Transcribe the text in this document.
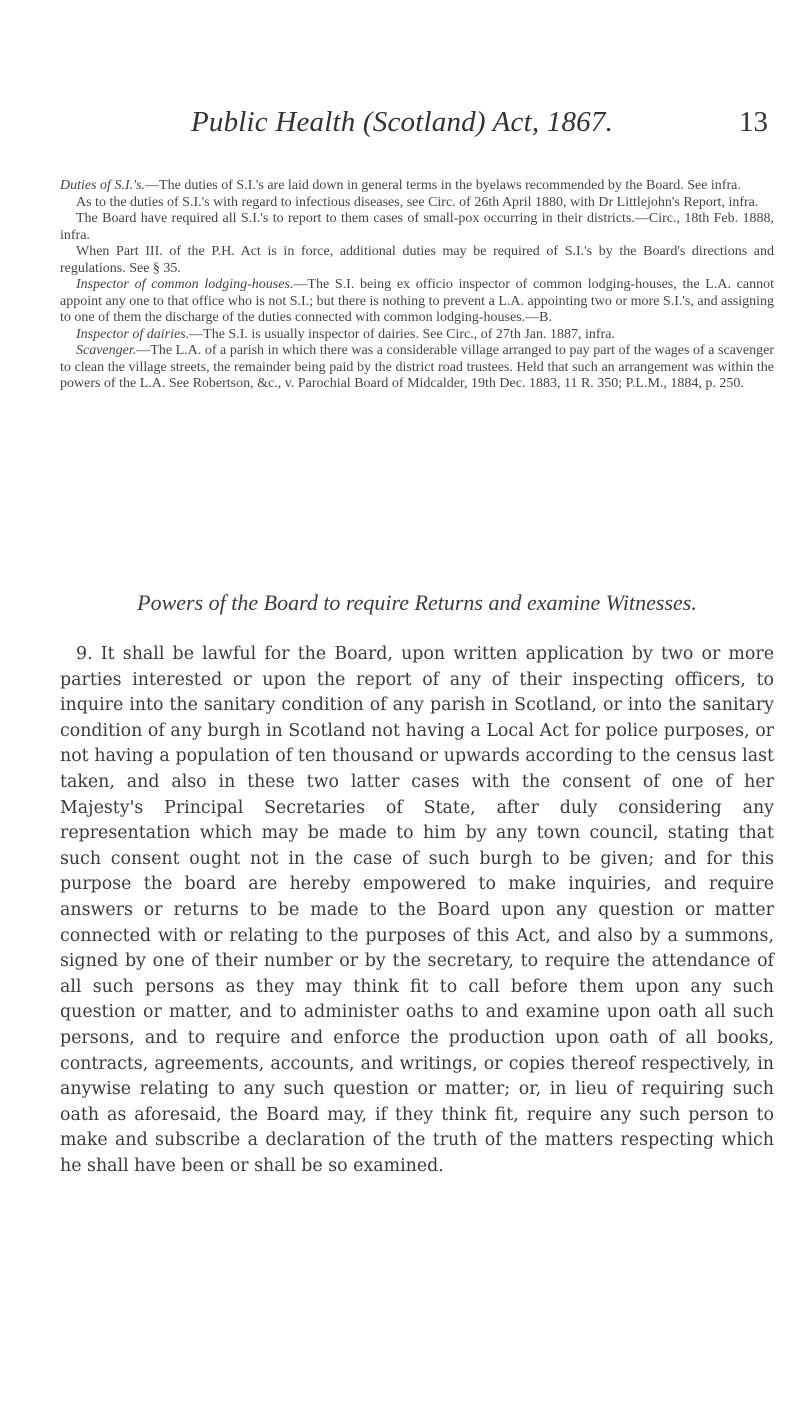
Public Health (Scotland) Act, 1867.	13

Duties of S.I.'s.—The duties of S.I.'s are laid down in general terms in the byelaws recommended by the Board. See infra.

As to the duties of S.I.'s with regard to infectious diseases, see Circ. of 26th April 1880, with Dr Littlejohn's Report, infra.

The Board have required all S.I.'s to report to them cases of small-pox occurring in their districts.—Circ., 18th Feb. 1888, infra.

When Part III. of the P.H. Act is in force, additional duties may be required of S.I.'s by the Board's directions and regulations. See § 35.

Inspector of common lodging-houses.—The S.I. being ex officio inspector of common lodging-houses, the L.A. cannot appoint any one to that office who is not S.I.; but there is nothing to prevent a L.A. appointing two or more S.I.'s, and assigning to one of them the discharge of the duties connected with common lodging-houses.—B.

Inspector of dairies.—The S.I. is usually inspector of dairies. See Circ., of 27th Jan. 1887, infra.

Scavenger.—The L.A. of a parish in which there was a considerable village arranged to pay part of the wages of a scavenger to clean the village streets, the remainder being paid by the district road trustees. Held that such an arrangement was within the powers of the L.A. See Robertson, &c., v. Parochial Board of Midcalder, 19th Dec. 1883, 11 R. 350; P.L.M., 1884, p. 250.

Powers of the Board to require Returns and examine Witnesses.
9. It shall be lawful for the Board, upon written application by two or more parties interested or upon the report of any of their inspecting officers, to inquire into the sanitary condition of any parish in Scotland, or into the sanitary condition of any burgh in Scotland not having a Local Act for police purposes, or not having a population of ten thousand or upwards according to the census last taken, and also in these two latter cases with the consent of one of her Majesty's Principal Secretaries of State, after duly considering any representation which may be made to him by any town council, stating that such consent ought not in the case of such burgh to be given; and for this purpose the board are hereby empowered to make inquiries, and require answers or returns to be made to the Board upon any question or matter connected with or relating to the purposes of this Act, and also by a summons, signed by one of their number or by the secretary, to require the attendance of all such persons as they may think fit to call before them upon any such question or matter, and to administer oaths to and examine upon oath all such persons, and to require and enforce the production upon oath of all books, contracts, agreements, accounts, and writings, or copies thereof respectively, in anywise relating to any such question or matter; or, in lieu of requiring such oath as aforesaid, the Board may, if they think fit, require any such person to make and subscribe a declaration of the truth of the matters respecting which he shall have been or shall be so examined.
